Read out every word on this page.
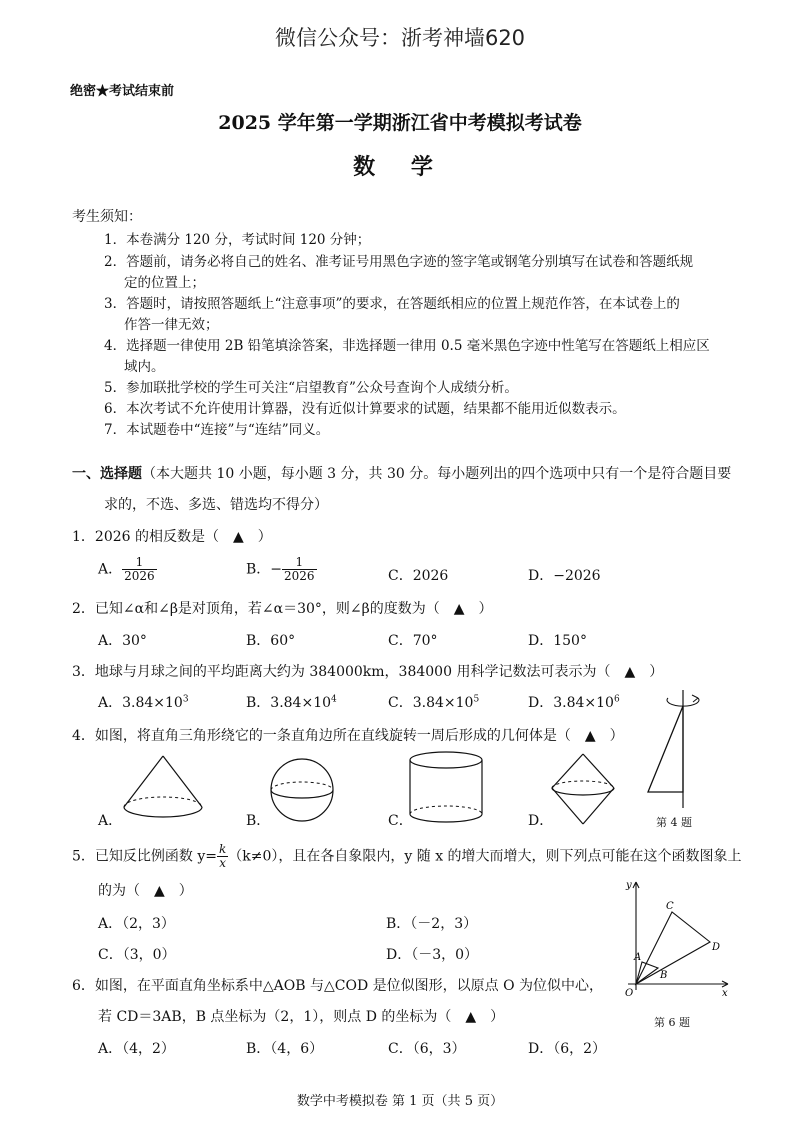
微信公众号：浙考神墙620
绝密★考试结束前
2025 学年第一学期浙江省中考模拟考试卷
数 学
考生须知：
1．本卷满分 120 分，考试时间 120 分钟；
2．答题前，请务必将自己的姓名、准考证号用黑色字迹的签字笔或钢笔分别填写在试卷和答题纸规
定的位置上；
3．答题时，请按照答题纸上“注意事项”的要求，在答题纸相应的位置上规范作答，在本试卷上的
作答一律无效；
4．选择题一律使用 2B 铅笔填涂答案，非选择题一律用 0.5 毫米黑色字迹中性笔写在答题纸上相应区
域内。
5．参加联批学校的学生可关注“启望教育”公众号查询个人成绩分析。
6．本次考试不允许使用计算器，没有近似计算要求的试题，结果都不能用近似数表示。
7．本试题卷中“连接”与“连结”同义。
一、选择题（本大题共 10 小题，每小题 3 分，共 30 分。每小题列出的四个选项中只有一个是符合题目要
求的，不选、多选、错选均不得分）
1．2026 的相反数是（　▲　）
A． $\frac{1}{2026}$	B．− $\frac{1}{2026}$	C．2026	D．−2026
2．已知∠α和∠β是对顶角，若∠α＝30°，则∠β的度数为（　▲　）
A．30°	B．60°	C．70°	D．150°
3．地球与月球之间的平均距离大约为 384000km，384000 用科学记数法可表示为（　▲　）
A．$3.84\times 10^3$	B．$3.84\times 10^4$	C．$3.84\times 10^5$	D．$3.84\times 10^6$
4．如图，将直角三角形绕它的一条直角边所在直线旋转一周后形成的几何体是（　▲　）
第 4 题
A．	B．	C．	D．
5．已知反比例函数 $y= \frac{k}{x} (k\ne 0)$，且在各自象限内，y 随 x 的增大而增大，则下列点可能在这个函数图象上
的为（　▲　）
A．（2，3）	B．（－2，3）
C．（3，0）	D．（－3，0）
y
x
O
A
B
C
D
第 6 题
6．如图，在平面直角坐标系中△AOB 与△COD 是位似图形，以原点 O 为位似中心，
若 CD＝3AB，B 点坐标为（2，1），则点 D 的坐标为（　▲　）
A．（4，2）	B．（4，6）	C．（6，3）	D．（6，2）
数学中考模拟卷 第 1 页（共 5 页）
